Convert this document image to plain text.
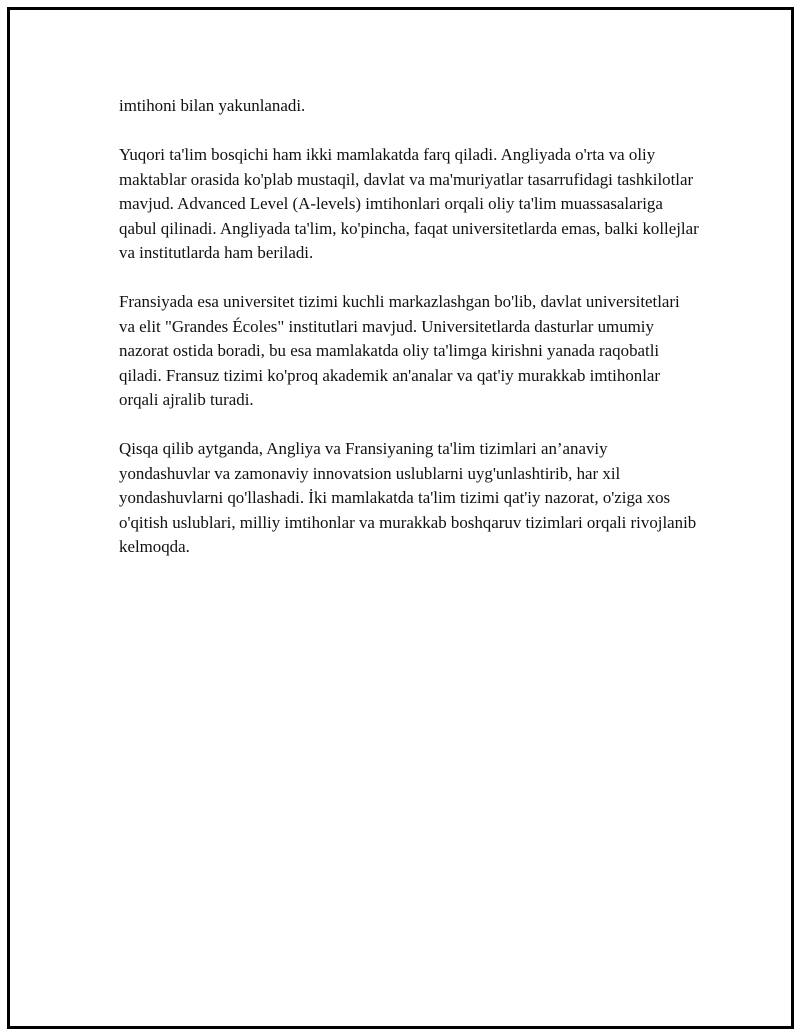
imtihoni bilan yakunlanadi.

Yuqori ta'lim bosqichi ham ikki mamlakatda farq qiladi. Angliyada o'rta va oliy maktablar orasida ko'plab mustaqil, davlat va ma'muriyatlar tasarrufidagi tashkilotlar mavjud. Advanced Level (A-levels) imtihonlari orqali oliy ta'lim muassasalariga qabul qilinadi. Angliyada ta'lim, ko'pincha, faqat universitetlarda emas, balki kollejlar va institutlarda ham beriladi.

Fransiyada esa universitet tizimi kuchli markazlashgan bo'lib, davlat universitetlari va elit "Grandes Écoles" institutlari mavjud. Universitetlarda dasturlar umumiy nazorat ostida boradi, bu esa mamlakatda oliy ta'limga kirishni yanada raqobatli qiladi. Fransuz tizimi ko'proq akademik an'analar va qat'iy murakkab imtihonlar orqali ajralib turadi.

Qisqa qilib aytganda, Angliya va Fransiyaning ta'lim tizimlari an’anaviy yondashuvlar va zamonaviy innovatsion uslublarni uyg'unlashtirib, har xil yondashuvlarni qo'llashadi. İki mamlakatda ta'lim tizimi qat'iy nazorat, o'ziga xos o'qitish uslublari, milliy imtihonlar va murakkab boshqaruv tizimlari orqali rivojlanib kelmoqda.
